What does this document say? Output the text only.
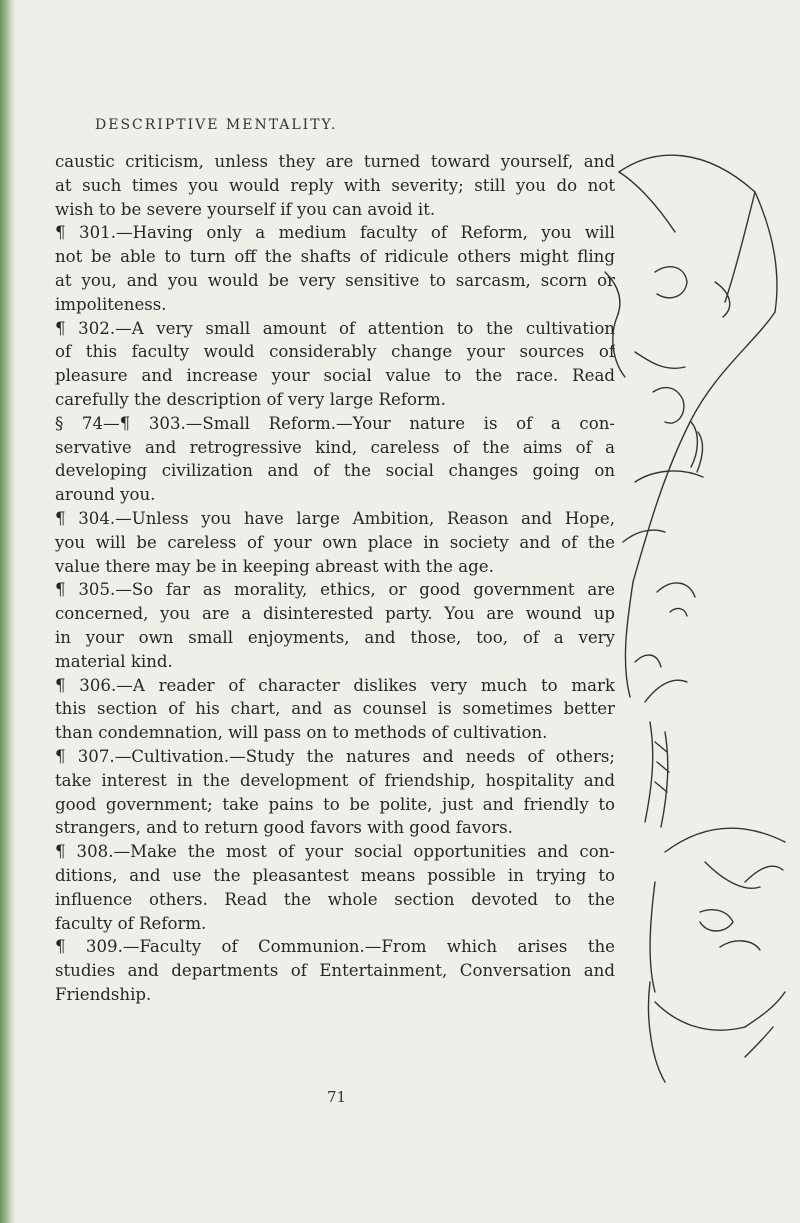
DESCRIPTIVE MENTALITY.
caustic criticism, unless they are turned toward yourself, and
at such times you would reply with severity; still you do not
wish to be severe yourself if you can avoid it.
¶ 301.—Having only a medium faculty of Reform, you will
not be able to turn off the shafts of ridicule others might fling
at you, and you would be very sensitive to sarcasm, scorn or
impoliteness.
¶ 302.—A very small amount of attention to the cultivation
of this faculty would considerably change your sources of
pleasure and increase your social value to the race. Read
carefully the description of very large Reform.
§ 74—¶ 303.—Small Reform.—Your nature is of a con-
servative and retrogressive kind, careless of the aims of a
developing civilization and of the social changes going on
around you.
¶ 304.—Unless you have large Ambition, Reason and Hope,
you will be careless of your own place in society and of the
value there may be in keeping abreast with the age.
¶ 305.—So far as morality, ethics, or good government are
concerned, you are a disinterested party. You are wound up
in your own small enjoyments, and those, too, of a very
material kind.
¶ 306.—A reader of character dislikes very much to mark
this section of his chart, and as counsel is sometimes better
than condemnation, will pass on to methods of cultivation.
¶ 307.—Cultivation.—Study the natures and needs of others;
take interest in the development of friendship, hospitality and
good government; take pains to be polite, just and friendly to
strangers, and to return good favors with good favors.
¶ 308.—Make the most of your social opportunities and con-
ditions, and use the pleasantest means possible in trying to
influence others. Read the whole section devoted to the
faculty of Reform.
¶ 309.—Faculty of Communion.—From which arises the
studies and departments of Entertainment, Conversation and
Friendship.
71
